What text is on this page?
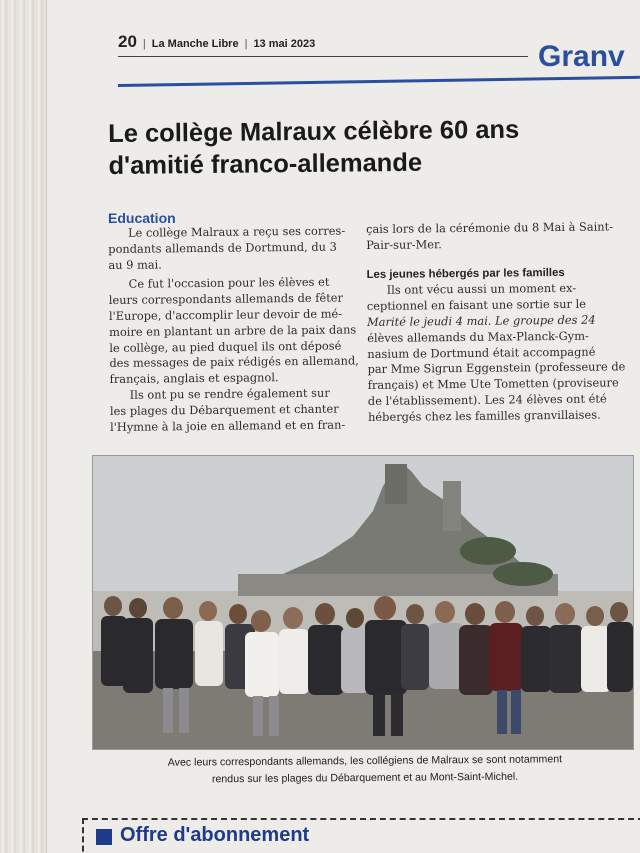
20 | La Manche Libre | 13 mai 2023	Granv
Le collège Malraux célèbre 60 ans
d'amitié franco-allemande
Education
Le collège Malraux a reçu ses corres-
pondants allemands de Dortmund, du 3
au 9 mai.
Ce fut l'occasion pour les élèves et
leurs correspondants allemands de fêter
l'Europe, d'accomplir leur devoir de mé-
moire en plantant un arbre de la paix dans
le collège, au pied duquel ils ont déposé
des messages de paix rédigés en allemand,
français, anglais et espagnol.
Ils ont pu se rendre également sur
les plages du Débarquement et chanter
l'Hymne à la joie en allemand et en fran-
çais lors de la cérémonie du 8 Mai à Saint-
Pair-sur-Mer.
Les jeunes hébergés par les familles
Ils ont vécu aussi un moment ex-
ceptionnel en faisant une sortie sur le
Marité le jeudi 4 mai. Le groupe des 24
élèves allemands du Max-Planck-Gym-
nasium de Dortmund était accompagné
par Mme Sigrun Eggenstein (professeure de
français) et Mme Ute Tometten (proviseure
de l'établissement). Les 24 élèves ont été
hébergés chez les familles granvillaises.
Avec leurs correspondants allemands, les collégiens de Malraux se sont notamment
rendus sur les plages du Débarquement et au Mont-Saint-Michel.
Offre d'abonnement
